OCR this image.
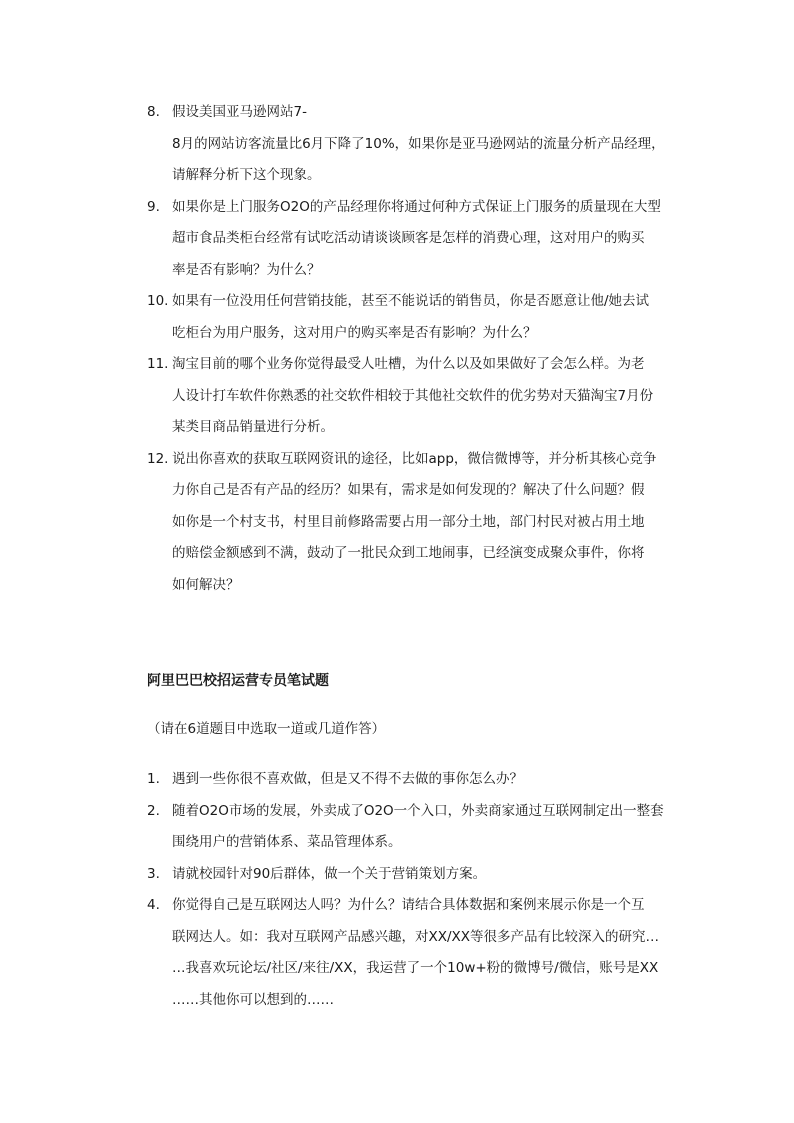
8. 假设美国亚马逊网站7-
8月的网站访客流量比6月下降了10%，如果你是亚马逊网站的流量分析产品经理，
请解释分析下这个现象。
9. 如果你是上门服务O2O的产品经理你将通过何种方式保证上门服务的质量现在大型
超市食品类柜台经常有试吃活动请谈谈顾客是怎样的消费心理，这对用户的购买
率是否有影响？为什么？
10. 如果有一位没用任何营销技能，甚至不能说话的销售员，你是否愿意让他/她去试
吃柜台为用户服务，这对用户的购买率是否有影响？为什么？
11. 淘宝目前的哪个业务你觉得最受人吐槽，为什么以及如果做好了会怎么样。为老
人设计打车软件你熟悉的社交软件相较于其他社交软件的优劣势对天猫淘宝7月份
某类目商品销量进行分析。
12. 说出你喜欢的获取互联网资讯的途径，比如app，微信微博等，并分析其核心竞争
力你自己是否有产品的经历？如果有，需求是如何发现的？解决了什么问题？假
如你是一个村支书，村里目前修路需要占用一部分土地，部门村民对被占用土地
的赔偿金额感到不满，鼓动了一批民众到工地闹事，已经演变成聚众事件，你将
如何解决？
阿里巴巴校招运营专员笔试题
（请在6道题目中选取一道或几道作答）
1. 遇到一些你很不喜欢做，但是又不得不去做的事你怎么办？
2. 随着O2O市场的发展，外卖成了O2O一个入口，外卖商家通过互联网制定出一整套
围绕用户的营销体系、菜品管理体系。
3. 请就校园针对90后群体，做一个关于营销策划方案。
4. 你觉得自己是互联网达人吗？为什么？请结合具体数据和案例来展示你是一个互
联网达人。如：我对互联网产品感兴趣，对XX/XX等很多产品有比较深入的研究…
…我喜欢玩论坛/社区/来往/XX，我运营了一个10w+粉的微博号/微信，账号是XX
……其他你可以想到的……
